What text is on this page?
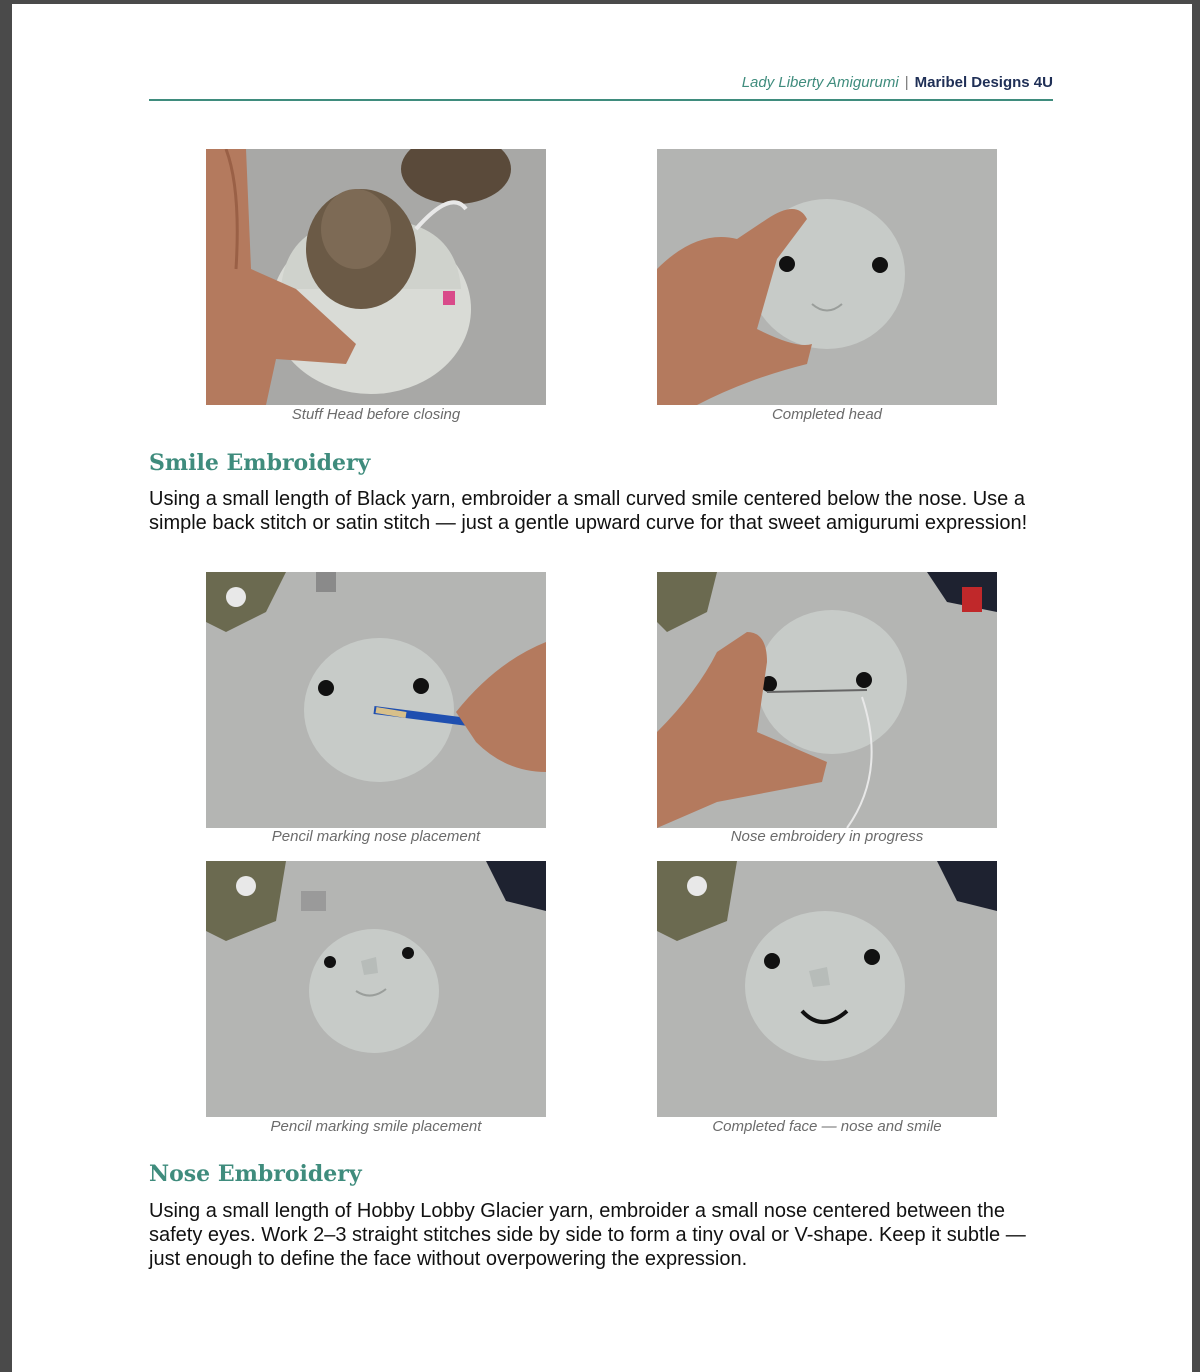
Lady Liberty Amigurumi | Maribel Designs 4U
Stuff Head before closing	Completed head
Smile Embroidery

Using a small length of Black yarn, embroider a small curved smile centered below the nose. Use a simple back stitch or satin stitch — just a gentle upward curve for that sweet amigurumi expression!

Pencil marking nose placement	Nose embroidery in progress
Pencil marking smile placement	Completed face — nose and smile
Nose Embroidery

Using a small length of Hobby Lobby Glacier yarn, embroider a small nose centered between the safety eyes. Work 2–3 straight stitches side by side to form a tiny oval or V-shape. Keep it subtle — just enough to define the face without overpowering the expression.
